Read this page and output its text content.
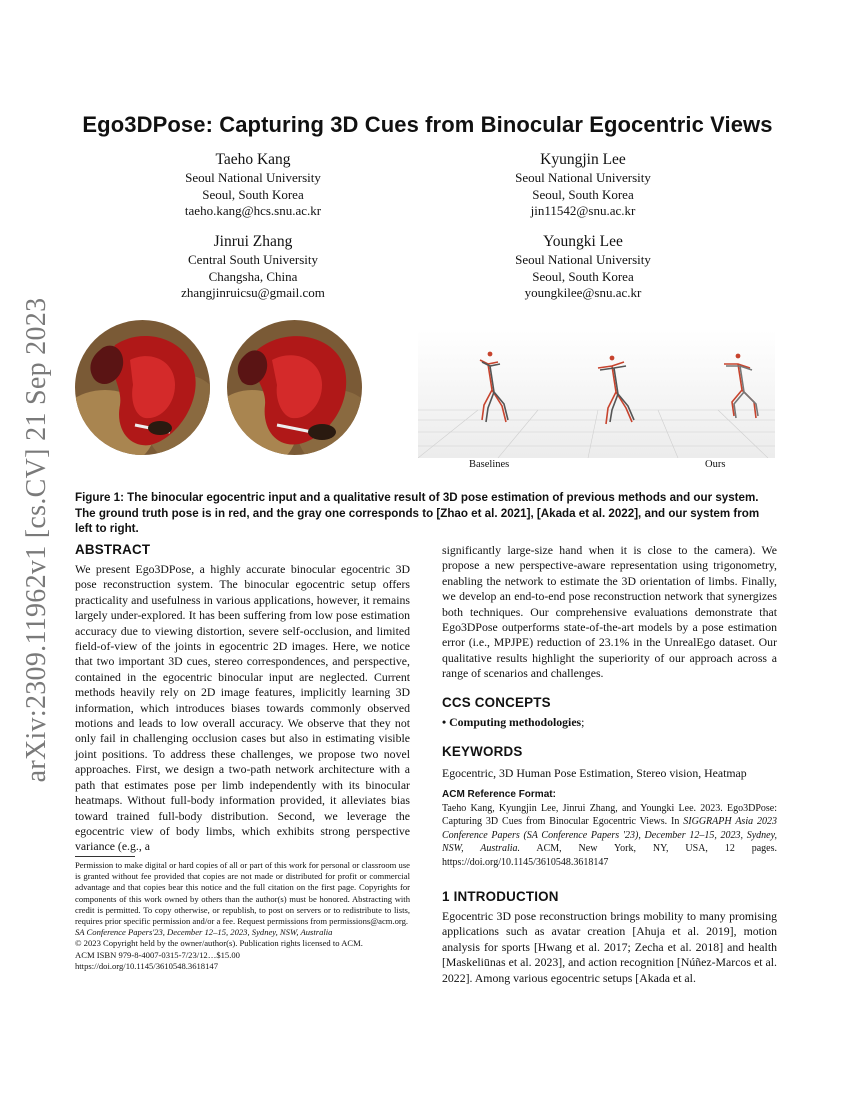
arXiv:2309.11962v1 [cs.CV] 21 Sep 2023
Ego3DPose: Capturing 3D Cues from Binocular Egocentric Views
Taeho Kang
Seoul National University
Seoul, South Korea
taeho.kang@hcs.snu.ac.kr
Kyungjin Lee
Seoul National University
Seoul, South Korea
jin11542@snu.ac.kr
Jinrui Zhang
Central South University
Changsha, China
zhangjinruicsu@gmail.com
Youngki Lee
Seoul National University
Seoul, South Korea
youngkilee@snu.ac.kr
Baselines	Ours
Figure 1: The binocular egocentric input and a qualitative result of 3D pose estimation of previous methods and our system. The ground truth pose is in red, and the gray one corresponds to [Zhao et al. 2021], [Akada et al. 2022], and our system from left to right.
ABSTRACT
We present Ego3DPose, a highly accurate binocular egocentric 3D pose reconstruction system. The binocular egocentric setup offers practicality and usefulness in various applications, however, it remains largely under-explored. It has been suffering from low pose estimation accuracy due to viewing distortion, severe self-occlusion, and limited field-of-view of the joints in egocentric 2D images. Here, we notice that two important 3D cues, stereo correspondences, and perspective, contained in the egocentric binocular input are neglected. Current methods heavily rely on 2D image features, implicitly learning 3D information, which introduces biases towards commonly observed motions and leads to low overall accuracy. We observe that they not only fail in challenging occlusion cases but also in estimating visible joint positions. To address these challenges, we propose two novel approaches. First, we design a two-path network architecture with a path that estimates pose per limb independently with its binocular heatmaps. Without full-body information provided, it alleviates bias toward trained full-body distribution. Second, we leverage the egocentric view of body limbs, which exhibits strong perspective variance (e.g., a
Permission to make digital or hard copies of all or part of this work for personal or classroom use is granted without fee provided that copies are not made or distributed for profit or commercial advantage and that copies bear this notice and the full citation on the first page. Copyrights for components of this work owned by others than the author(s) must be honored. Abstracting with credit is permitted. To copy otherwise, or republish, to post on servers or to redistribute to lists, requires prior specific permission and/or a fee. Request permissions from permissions@acm.org.
SA Conference Papers'23, December 12–15, 2023, Sydney, NSW, Australia
© 2023 Copyright held by the owner/author(s). Publication rights licensed to ACM.
ACM ISBN 979-8-4007-0315-7/23/12…$15.00
https://doi.org/10.1145/3610548.3618147
significantly large-size hand when it is close to the camera). We propose a new perspective-aware representation using trigonometry, enabling the network to estimate the 3D orientation of limbs. Finally, we develop an end-to-end pose reconstruction network that synergizes both techniques. Our comprehensive evaluations demonstrate that Ego3DPose outperforms state-of-the-art models by a pose estimation error (i.e., MPJPE) reduction of 23.1% in the UnrealEgo dataset. Our qualitative results highlight the superiority of our approach across a range of scenarios and challenges.
CCS CONCEPTS
• Computing methodologies;
KEYWORDS
Egocentric, 3D Human Pose Estimation, Stereo vision, Heatmap
ACM Reference Format:
Taeho Kang, Kyungjin Lee, Jinrui Zhang, and Youngki Lee. 2023. Ego3DPose: Capturing 3D Cues from Binocular Egocentric Views. In SIGGRAPH Asia 2023 Conference Papers (SA Conference Papers '23), December 12–15, 2023, Sydney, NSW, Australia. ACM, New York, NY, USA, 12 pages. https://doi.org/10.1145/3610548.3618147
1 INTRODUCTION
Egocentric 3D pose reconstruction brings mobility to many promising applications such as avatar creation [Ahuja et al. 2019], motion analysis for sports [Hwang et al. 2017; Zecha et al. 2018] and health [Maskeliūnas et al. 2023], and action recognition [Núñez-Marcos et al. 2022]. Among various egocentric setups [Akada et al.
